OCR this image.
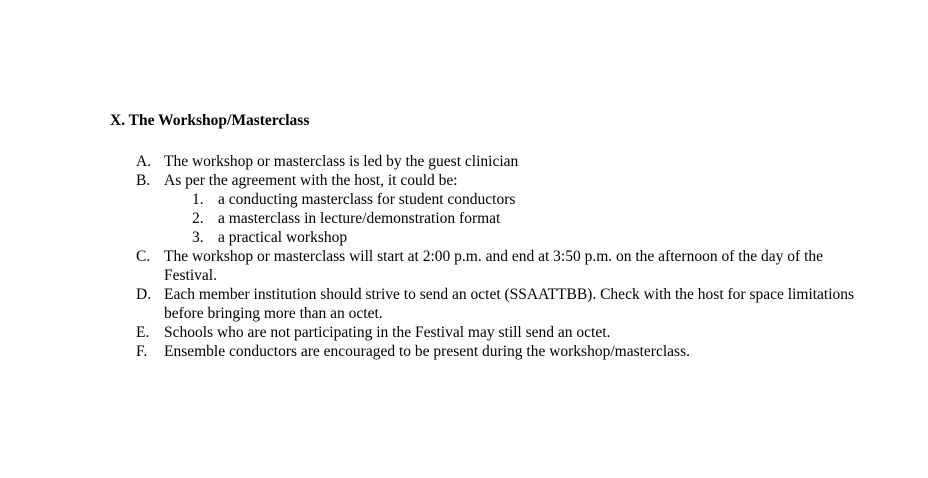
X. The Workshop/Masterclass
A. The workshop or masterclass is led by the guest clinician
B. As per the agreement with the host, it could be:
1. a conducting masterclass for student conductors
2. a masterclass in lecture/demonstration format
3. a practical workshop
C. The workshop or masterclass will start at 2:00 p.m. and end at 3:50 p.m. on the afternoon of the day of the Festival.
D. Each member institution should strive to send an octet (SSAATTBB). Check with the host for space limitations before bringing more than an octet.
E. Schools who are not participating in the Festival may still send an octet.
F. Ensemble conductors are encouraged to be present during the workshop/masterclass.
